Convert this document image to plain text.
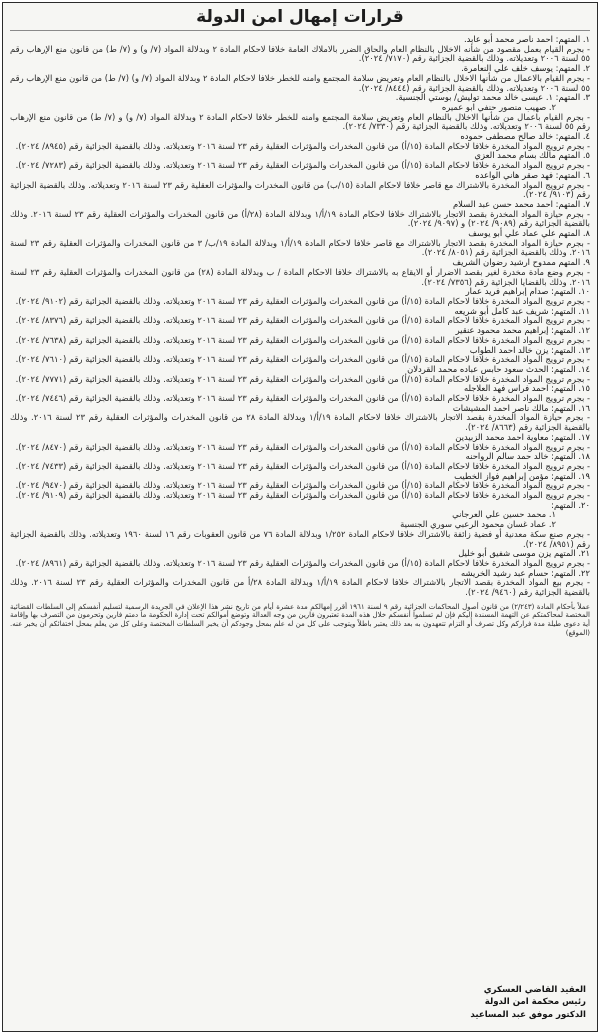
قرارات إمهال امن الدولة

١. المتهم: احمد ناصر محمد أبو عابد.

- بجرم القيام بعمل مقصود من شأنه الاخلال بالنظام العام والحاق الضرر بالاملاك العامة خلافا لاحكام المادة ٢ وبدلالة المواد (٧/ و) و (٧/ ط) من قانون منع الإرهاب رقم ٥٥ لسنة ٢٠٠٦ وتعديلاته. وذلك بالقضية الجزائية رقم (٧١٧٠/ ٢٠٢٤).

٢. المتهم: يوسف خلف علي النعامرة.

- بجرم القيام بالاعمال من شأنها الاخلال بالنظام العام وتعريض سلامة المجتمع وامنه للخطر خلافا لاحكام المادة ٢ وبدلالة المواد (٧/ و) (٧/ ط) من قانون منع الإرهاب رقم ٥٥ لسنة ٢٠٠٦ وتعديلاته. وذلك بالقضية الجزائية رقم (٨٤٤٤/ ٢٠٢٤).

٣. المتهم: ١. عيسى خالد محمد توليش/ بوستي الجنسية.

٢. صهيب منصور حنفي ابو عميره

- بجرم القيام باعمال من شأنها الاخلال بالنظام العام وتعريض سلامة المجتمع وامنه للخطر خلافا لاحكام المادة ٢ وبدلالة المواد (٧/ و) و (٧/ ط) من قانون منع الإرهاب رقم ٥٥ لسنة ٢٠٠٦ وتعديلاته. وذلك بالقضية الجزائية رقم (٧٣٣٠/ ٢٠٢٤).

٤. المتهم: خالد صالح مصطفى حموده

- بجرم ترويج المواد المخدرة خلافا لاحكام المادة (١٥/أ) من قانون المخدرات والمؤثرات العقلية رقم ٢٣ لسنة ٢٠١٦ وتعديلاته. وذلك بالقضية الجزائية رقم (٨٩٤٥/ ٢٠٢٤).

٥. المتهم مالك بسام محمد العزي

- بجرم ترويج المواد المخدرة خلافا لاحكام المادة (١٥/أ) من قانون المخدرات والمؤثرات العقلية رقم ٢٣ لسنة ٢٠١٦ وتعديلاته. وذلك بالقضية الجزائية رقم (٧٢٨٣/ ٢٠٢٤).

٦. المتهم: فهد صقر هاني الواعده

- بجرم ترويج المواد المخدرة بالاشتراك مع قاصر خلافا لاحكام المادة (١٥/ب) من قانون المخدرات والمؤثرات العقلية رقم ٢٣ لسنة ٢٠١٦ وتعديلاته. وذلك بالقضية الجزائية رقم (٩١٠٣/ ٢٠٢٤).

٧. المتهم: احمد محمد حسن عبد السلام

- بجرم حيازة المواد المخدرة بقصد الاتجار بالاشتراك خلافا لاحكام المادة ١٩/أ/١ وبدلالة المادة (٢٨/أ) من قانون المخدرات والمؤثرات العقلية رقم ٢٣ لسنة ٢٠١٦. وذلك بالقضية الجزائية رقم (٩٠٨٩/ ٢٠٢٤) و (٩٠٩٧/ ٢٠٢٤).

٨. المتهم علي عماد علي أبو يوسف

- بجرم حيازة المواد المخدرة بقصد الاتجار بالاشتراك مع قاصر خلافا لاحكام المادة ١٩/أ/١ وبدلالة المادة ١٩/ب/ ٣ من قانون المخدرات والمؤثرات العقلية رقم ٢٣ لسنة ٢٠١٦. وذلك بالقضية الجزائية رقم (٨٠٥١/ ٢٠٢٤).

٩. المتهم ممدوح ارشيد رضوان الشريف

- بجرم وضع مادة مخدرة لغير بقصد الاضرار أو الايقاع به بالاشتراك خلافا الاحكام المادة / ب وبدلالة المادة (٢٨) من قانون المخدرات والمؤثرات العقلية رقم ٢٣ لسنة ٢٠١٦. وذلك بالقضايا الجزائية رقم (٧٣٥٦/ ٢٠٢٤).

١٠. المتهم: صدام إبراهيم فريد عمار

- بجرم ترويج المواد المخدرة خلافا لاحكام المادة (١٥/أ) من قانون المخدرات والمؤثرات العقلية رقم ٢٣ لسنة ٢٠١٦ وتعديلاته. وذلك بالقضية الجزائية رقم (٩١٠٢/ ٢٠٢٤).

١١. المتهم: شريف عبد كامل أبو شريعه

- بجرم ترويج المواد المخدرة خلافا لاحكام المادة (١٥/أ) من قانون المخدرات والمؤثرات العقلية رقم ٢٣ لسنة ٢٠١٦ وتعديلاته. وذلك بالقضية الجزائية رقم (٨٣٧٦/ ٢٠٢٤).

١٢. المتهم: إبراهيم محمد محمود عنقير

- بجرم ترويج المواد المخدرة خلافا لاحكام المادة (١٥/أ) من قانون المخدرات والمؤثرات العقلية رقم ٢٣ لسنة ٢٠١٦ وتعديلاته. وذلك بالقضية الجزائية رقم (٧٦٣٨/ ٢٠٢٤).

١٣. المتهم: يزن خالد احمد الطواب

- بجرم ترويج المواد المخدرة خلافا لاحكام المادة (١٥/أ) من قانون المخدرات والمؤثرات العقلية رقم ٢٣ لسنة ٢٠١٦ وتعديلاته. وذلك بالقضية الجزائية رقم (٧٦١٠/ ٢٠٢٤).

١٤. المتهم: الحدث سعود حابس عباده محمد القردلان

- بجرم ترويج المواد المخدرة خلافا لاحكام المادة (١٥/أ) من قانون المخدرات والمؤثرات العقلية رقم ٢٣ لسنة ٢٠١٦ وتعديلاته. وذلك بالقضية الجزائية رقم (٧٧٧١/ ٢٠٢٤).

١٥. المتهم: احمد فراس فهد العلاجله

- بجرم ترويج المواد المخدرة خلافا لاحكام المادة (١٥/أ) من قانون المخدرات والمؤثرات العقلية رقم ٢٣ لسنة ٢٠١٦ وتعديلاته. وذلك بالقضية الجزائية رقم (٧٤٤٦/ ٢٠٢٤).

١٦. المتهم: مالك ناصر احمد المشيشات

- بجرم حيازة المواد المخدرة بقصد الاتجار بالاشتراك خلافا لاحكام المادة ١٩/أ/١ وبدلالة المادة ٢٨ من قانون المخدرات والمؤثرات العقلية رقم ٢٣ لسنة ٢٠١٦. وذلك بالقضية الجزائية رقم (٨٦٦٣/ ٢٠٢٤).

١٧. المتهم: معاوية احمد محمد الزبيدين

- بجرم ترويج المواد المخدرة خلافا لاحكام المادة (١٥/أ) من قانون المخدرات والمؤثرات العقلية رقم ٢٣ لسنة ٢٠١٦ وتعديلاته. وذلك بالقضية الجزائية رقم (٨٤٧٠/ ٢٠٢٤).

١٨. المتهم: خالد حمد سالم الرواحنه

- بجرم ترويج المواد المخدرة خلافا لاحكام المادة (١٥/أ) من قانون المخدرات والمؤثرات العقلية رقم ٢٣ لسنة ٢٠١٦ وتعديلاته. وذلك بالقضية الجزائية رقم (٧٤٣٣/ ٢٠٢٤).

١٩. المتهم: مؤمن إبراهيم فواز الخطيب

- بجرم ترويج المواد المخدرة خلافا لاحكام المادة (١٥/أ) من قانون المخدرات والمؤثرات العقلية رقم ٢٣ لسنة ٢٠١٦ وتعديلاته. وذلك بالقضية الجزائية رقم (٩٤٧٠/ ٢٠٢٤).

- بجرم ترويج المواد المخدرة خلافا لاحكام المادة (١٥/أ) من قانون المخدرات والمؤثرات العقلية رقم ٢٣ لسنة ٢٠١٦ وتعديلاته. وذلك بالقضية الجزائية رقم (٩١٠٩/ ٢٠٢٤).

٢٠. المتهم:

١. محمد حسين علي العرجاني

٢. عماد غسان محمود الرعبي سوري الجنسية

- بجرم صنع سكة معدنية أو فضية زائفة بالاشتراك خلافا لاحكام المادة ١/٢٥٢ وبدلالة المادة ٧٦ من قانون العقوبات رقم ١٦ لسنة ١٩٦٠ وتعديلاته. وذلك بالقضية الجزائية رقم (٨٩٥١/ ٢٠٢٤).

٢١. المتهم يزن موسى شفيق أبو خليل

- بجرم ترويج المواد المخدرة خلافا لاحكام المادة (١٥/أ) من قانون المخدرات والمؤثرات العقلية رقم ٢٣ لسنة ٢٠١٦ وتعديلاته. وذلك بالقضية الجزائية رقم (٨٩٦١/ ٢٠٢٤).

٢٢. المتهم: حسام عبد رشيد الخريشه

- بجرم بيع المواد المخدرة بقصد الاتجار بالاشتراك خلافا لاحكام المادة ١٩/أ/١ وبدلالة المادة ٢٨/أ من قانون المخدرات والمؤثرات العقلية رقم ٢٣ لسنة ٢٠١٦. وذلك بالقضية الجزائية رقم (٩٤٦٠/ ٢٠٢٤).

عملاً بأحكام المادة (٢/٢٤٣) من قانون أصول المحاكمات الجزائية رقم ٩ لسنة ١٩٦١ أقرر إمهالكم مدة عشرة أيام من تاريخ نشر هذا الإعلان في الجريدة الرسمية لتسليم أنفسكم إلى السلطات القضائية المختصة لمحاكمتكم عن التهمة المسندة إليكم فإن لم تسلموا أنفسكم خلال هذه المدة تعتبرون فارين من وجه العدالة وتوضع أموالكم تحت إدارة الحكومة ما دمتم فارين وتحرمون من التصرف بها وإقامة أية دعوى طيلة مدة فراركم وكل تصرف أو التزام تتعهدون به بعد ذلك يعتبر باطلاً ويتوجب على كل من له علم بمحل وجودكم أن يخبر السلطات المختصة وعلى كل من يعلم بمحل اختفائكم أن يخبر عنه. (الموقع)

العقيد القاضي العسكري
رئيس محكمة امن الدولة
الدكتور موفق عبد المساعيد
